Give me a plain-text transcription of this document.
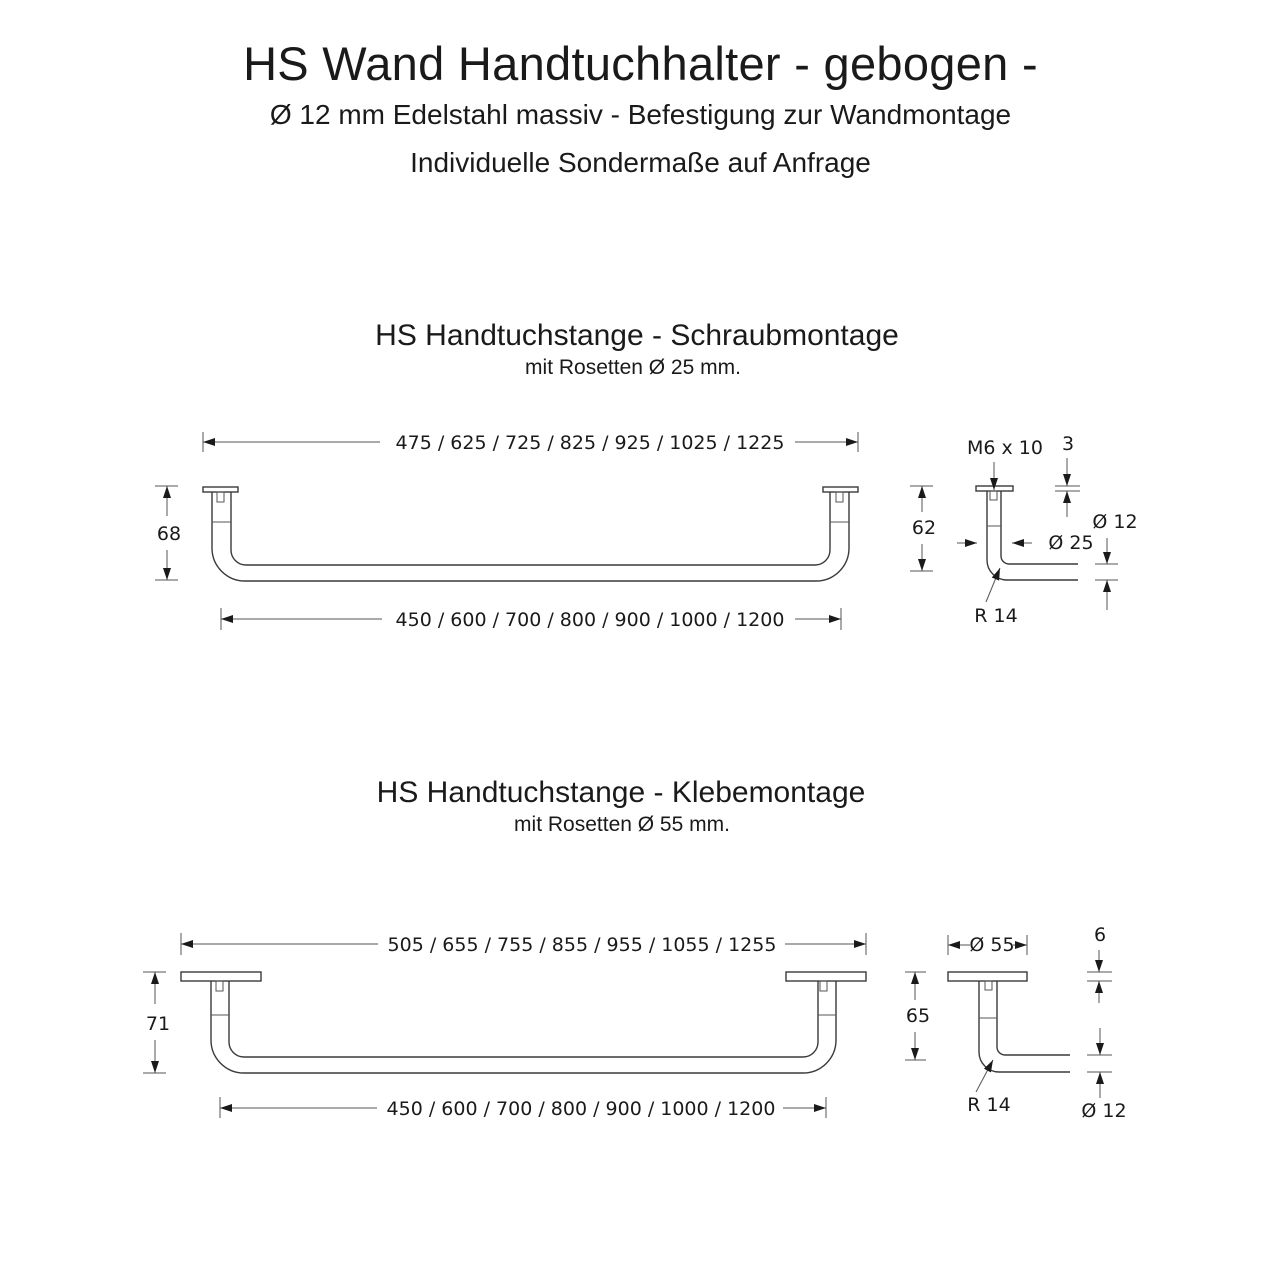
HS Wand Handtuchhalter - gebogen -
Ø 12 mm Edelstahl massiv - Befestigung zur Wandmontage
Individuelle Sondermaße auf Anfrage
HS Handtuchstange - Schraubmontage
mit Rosetten Ø 25 mm.
475 / 625 / 725 / 825 / 925 / 1025 / 1225
450 / 600 / 700 / 800 / 900 / 1000 / 1200
68	62
M6 x 10 3
Ø 25
Ø 12
R 14
HS Handtuchstange - Klebemontage
mit Rosetten Ø 55 mm.
505 / 655 / 755 / 855 / 955 / 1055 / 1255
450 / 600 / 700 / 800 / 900 / 1000 / 1200
71	65
Ø 55	6
Ø 12
R 14
